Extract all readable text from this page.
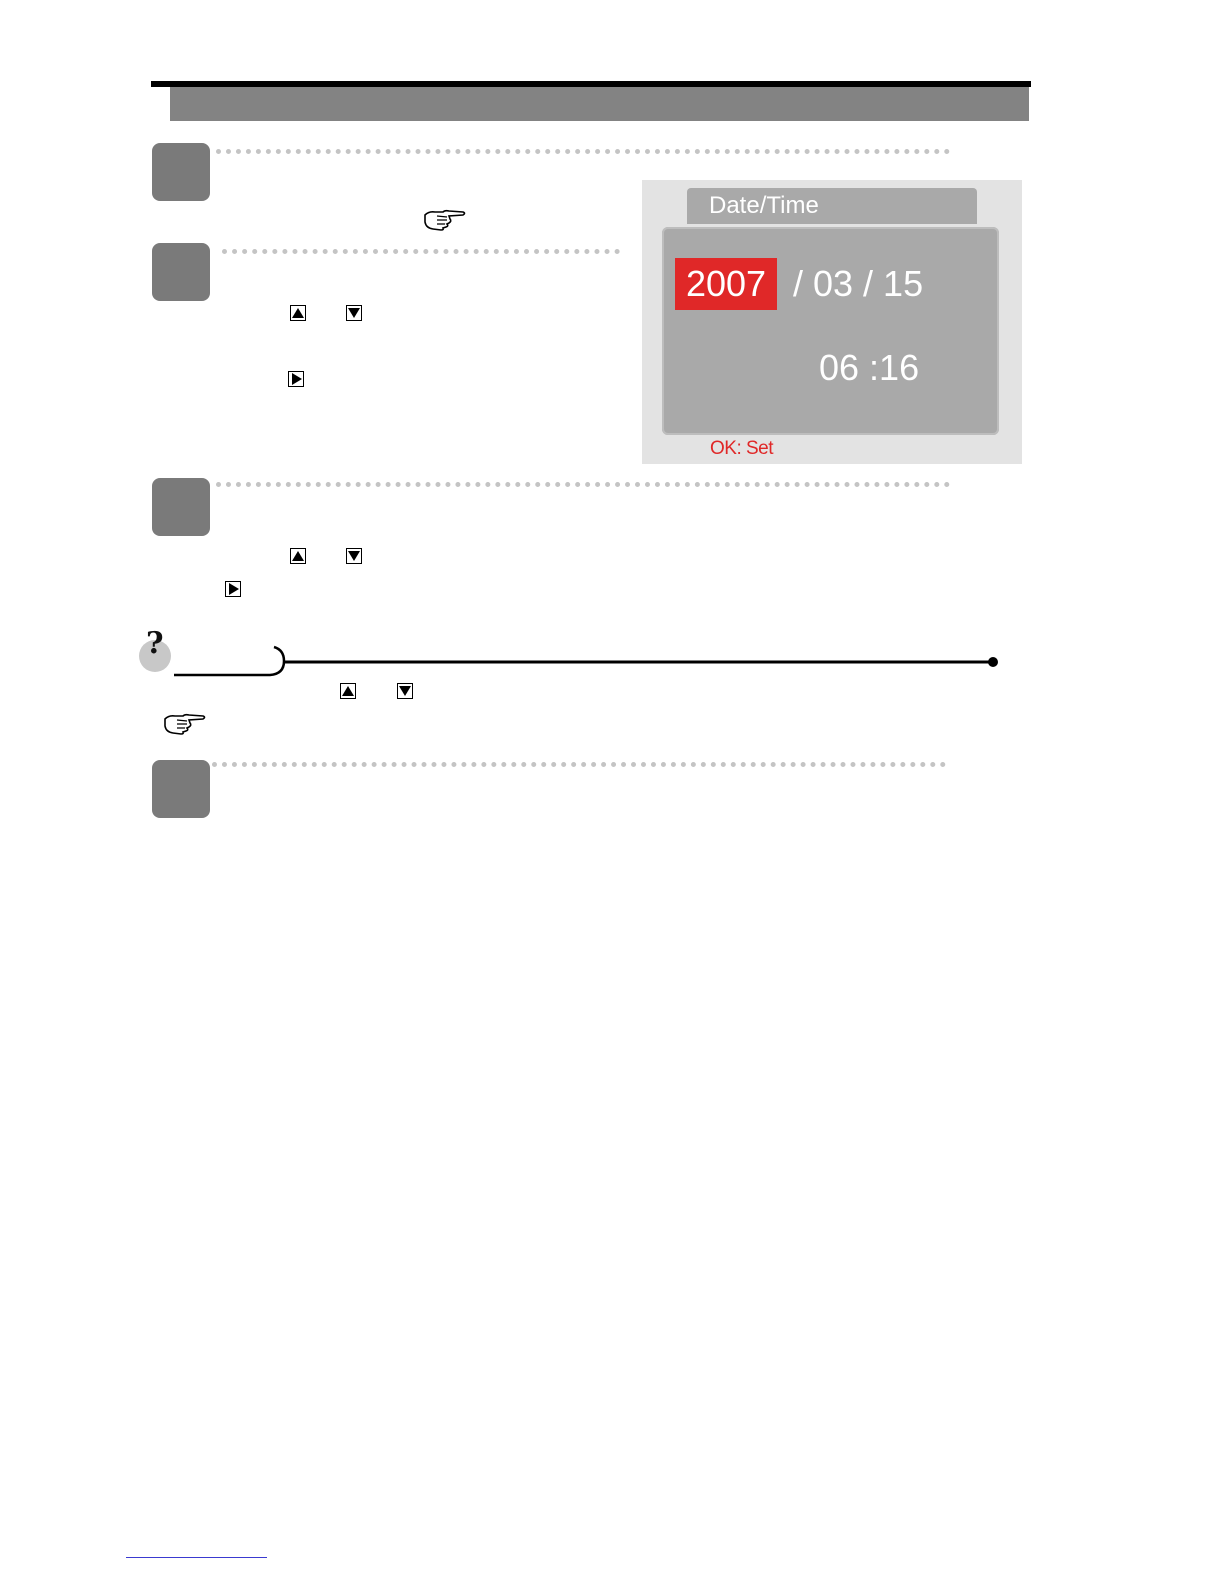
Date/Time
2007 / 03 / 15
06 :16
OK: Set
?
